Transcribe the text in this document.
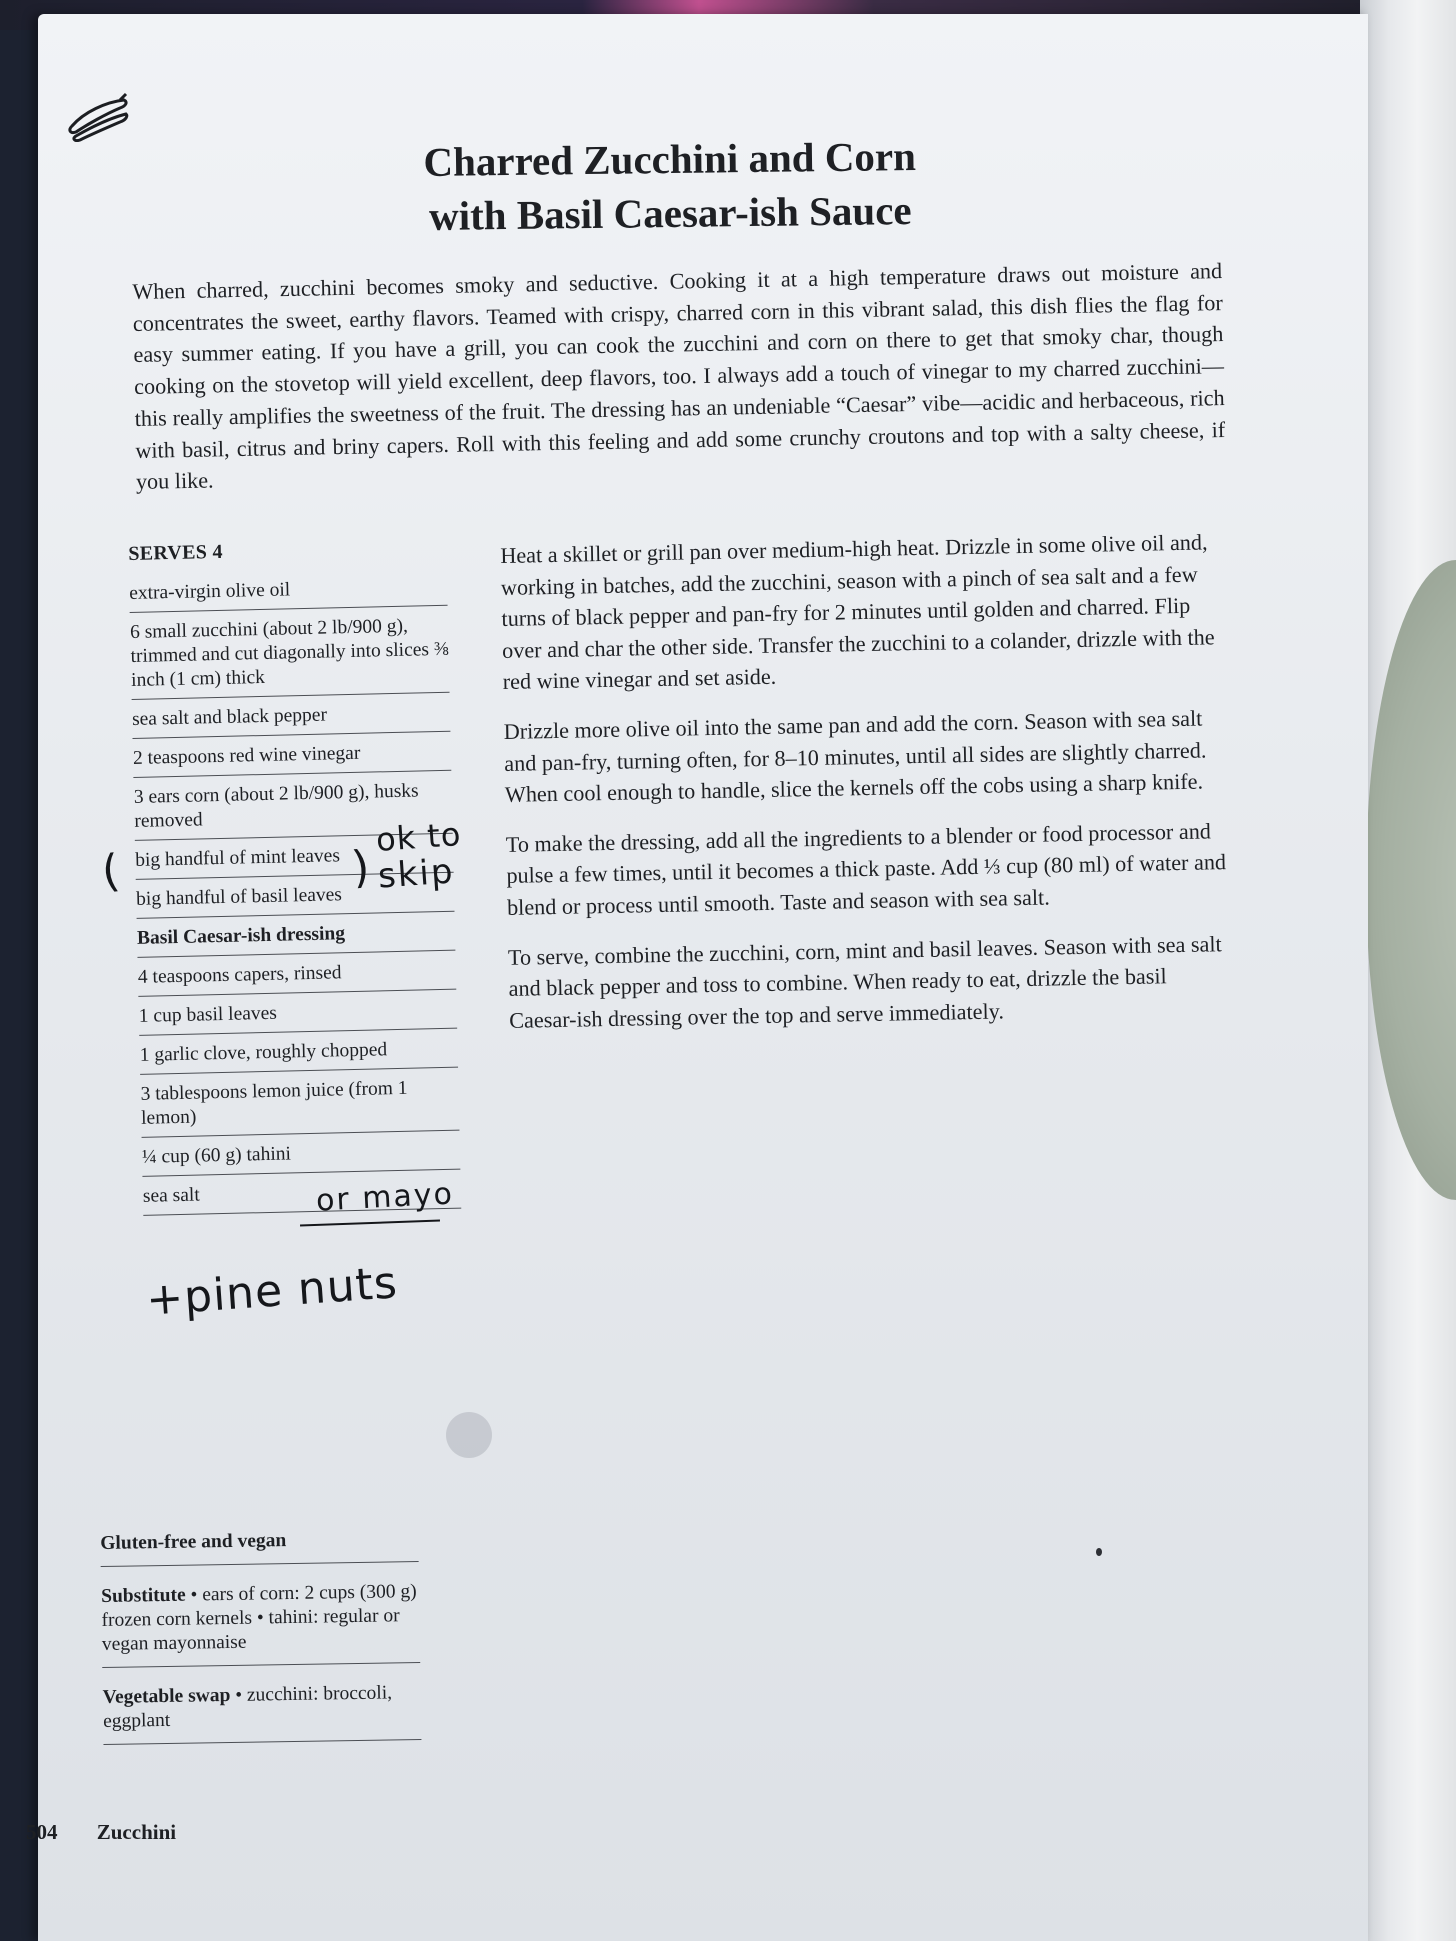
Charred Zucchini and Corn
with Basil Caesar-ish Sauce

When charred, zucchini becomes smoky and seductive. Cooking it at a high temperature draws out moisture and concentrates the sweet, earthy flavors. Teamed with crispy, charred corn in this vibrant salad, this dish flies the flag for easy summer eating. If you have a grill, you can cook the zucchini and corn on there to get that smoky char, though cooking on the stovetop will yield excellent, deep flavors, too. I always add a touch of vinegar to my charred zucchini—this really amplifies the sweetness of the fruit. The dressing has an undeniable “Caesar” vibe—acidic and herbaceous, rich with basil, citrus and briny capers. Roll with this feeling and add some crunchy croutons and top with a salty cheese, if you like.

SERVES 4
extra-virgin olive oil
6 small zucchini (about 2 lb/900 g), trimmed and cut diagonally into slices ⅜ inch (1 cm) thick
sea salt and black pepper
2 teaspoons red wine vinegar
3 ears corn (about 2 lb/900 g), husks removed
big handful of mint leaves
big handful of basil leaves
Basil Caesar-ish dressing
4 teaspoons capers, rinsed
1 cup basil leaves
1 garlic clove, roughly chopped
3 tablespoons lemon juice (from 1 lemon)
¼ cup (60 g) tahini
sea salt

Heat a skillet or grill pan over medium-high heat. Drizzle in some olive oil and, working in batches, add the zucchini, season with a pinch of sea salt and a few turns of black pepper and pan-fry for 2 minutes until golden and charred. Flip over and char the other side. Transfer the zucchini to a colander, drizzle with the red wine vinegar and set aside.

Drizzle more olive oil into the same pan and add the corn. Season with sea salt and pan-fry, turning often, for 8–10 minutes, until all sides are slightly charred. When cool enough to handle, slice the kernels off the cobs using a sharp knife.

To make the dressing, add all the ingredients to a blender or food processor and pulse a few times, until it becomes a thick paste. Add ⅓ cup (80 ml) of water and blend or process until smooth. Taste and season with sea salt.

To serve, combine the zucchini, corn, mint and basil leaves. Season with sea salt and black pepper and toss to combine. When ready to eat, drizzle the basil Caesar-ish dressing over the top and serve immediately.

Gluten-free and vegan
Substitute • ears of corn: 2 cups (300 g) frozen corn kernels • tahini: regular or vegan mayonnaise
Vegetable swap • zucchini: broccoli, eggplant
504 Zucchini
(	)
ok to
skip
or mayo
+pine nuts
